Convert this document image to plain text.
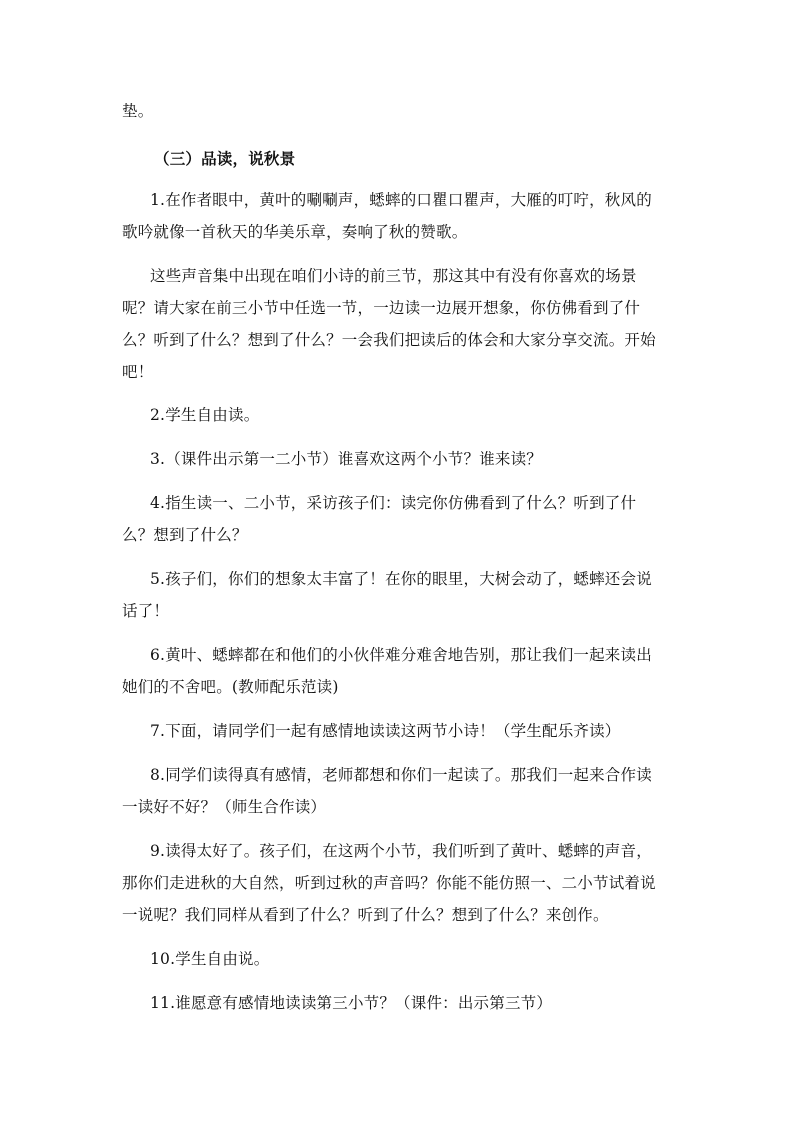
垫。
（三）品读，说秋景
1.在作者眼中，黄叶的唰唰声，蟋蟀的口瞿口瞿声，大雁的叮咛，秋风的
歌吟就像一首秋天的华美乐章，奏响了秋的赞歌。
这些声音集中出现在咱们小诗的前三节，那这其中有没有你喜欢的场景
呢？请大家在前三小节中任选一节，一边读一边展开想象，你仿佛看到了什
么？听到了什么？想到了什么？一会我们把读后的体会和大家分享交流。开始
吧！
2.学生自由读。
3.（课件出示第一二小节）谁喜欢这两个小节？谁来读？
4.指生读一、二小节，采访孩子们：读完你仿佛看到了什么？听到了什
么？想到了什么？
5.孩子们，你们的想象太丰富了！在你的眼里，大树会动了，蟋蟀还会说
话了！
6.黄叶、蟋蟀都在和他们的小伙伴难分难舍地告别，那让我们一起来读出
她们的不舍吧。(教师配乐范读)
7.下面，请同学们一起有感情地读读这两节小诗！（学生配乐齐读）
8.同学们读得真有感情，老师都想和你们一起读了。那我们一起来合作读
一读好不好？（师生合作读）
9.读得太好了。孩子们，在这两个小节，我们听到了黄叶、蟋蟀的声音，
那你们走进秋的大自然，听到过秋的声音吗？你能不能仿照一、二小节试着说
一说呢？我们同样从看到了什么？听到了什么？想到了什么？来创作。
10.学生自由说。
11.谁愿意有感情地读读第三小节？（课件：出示第三节）
